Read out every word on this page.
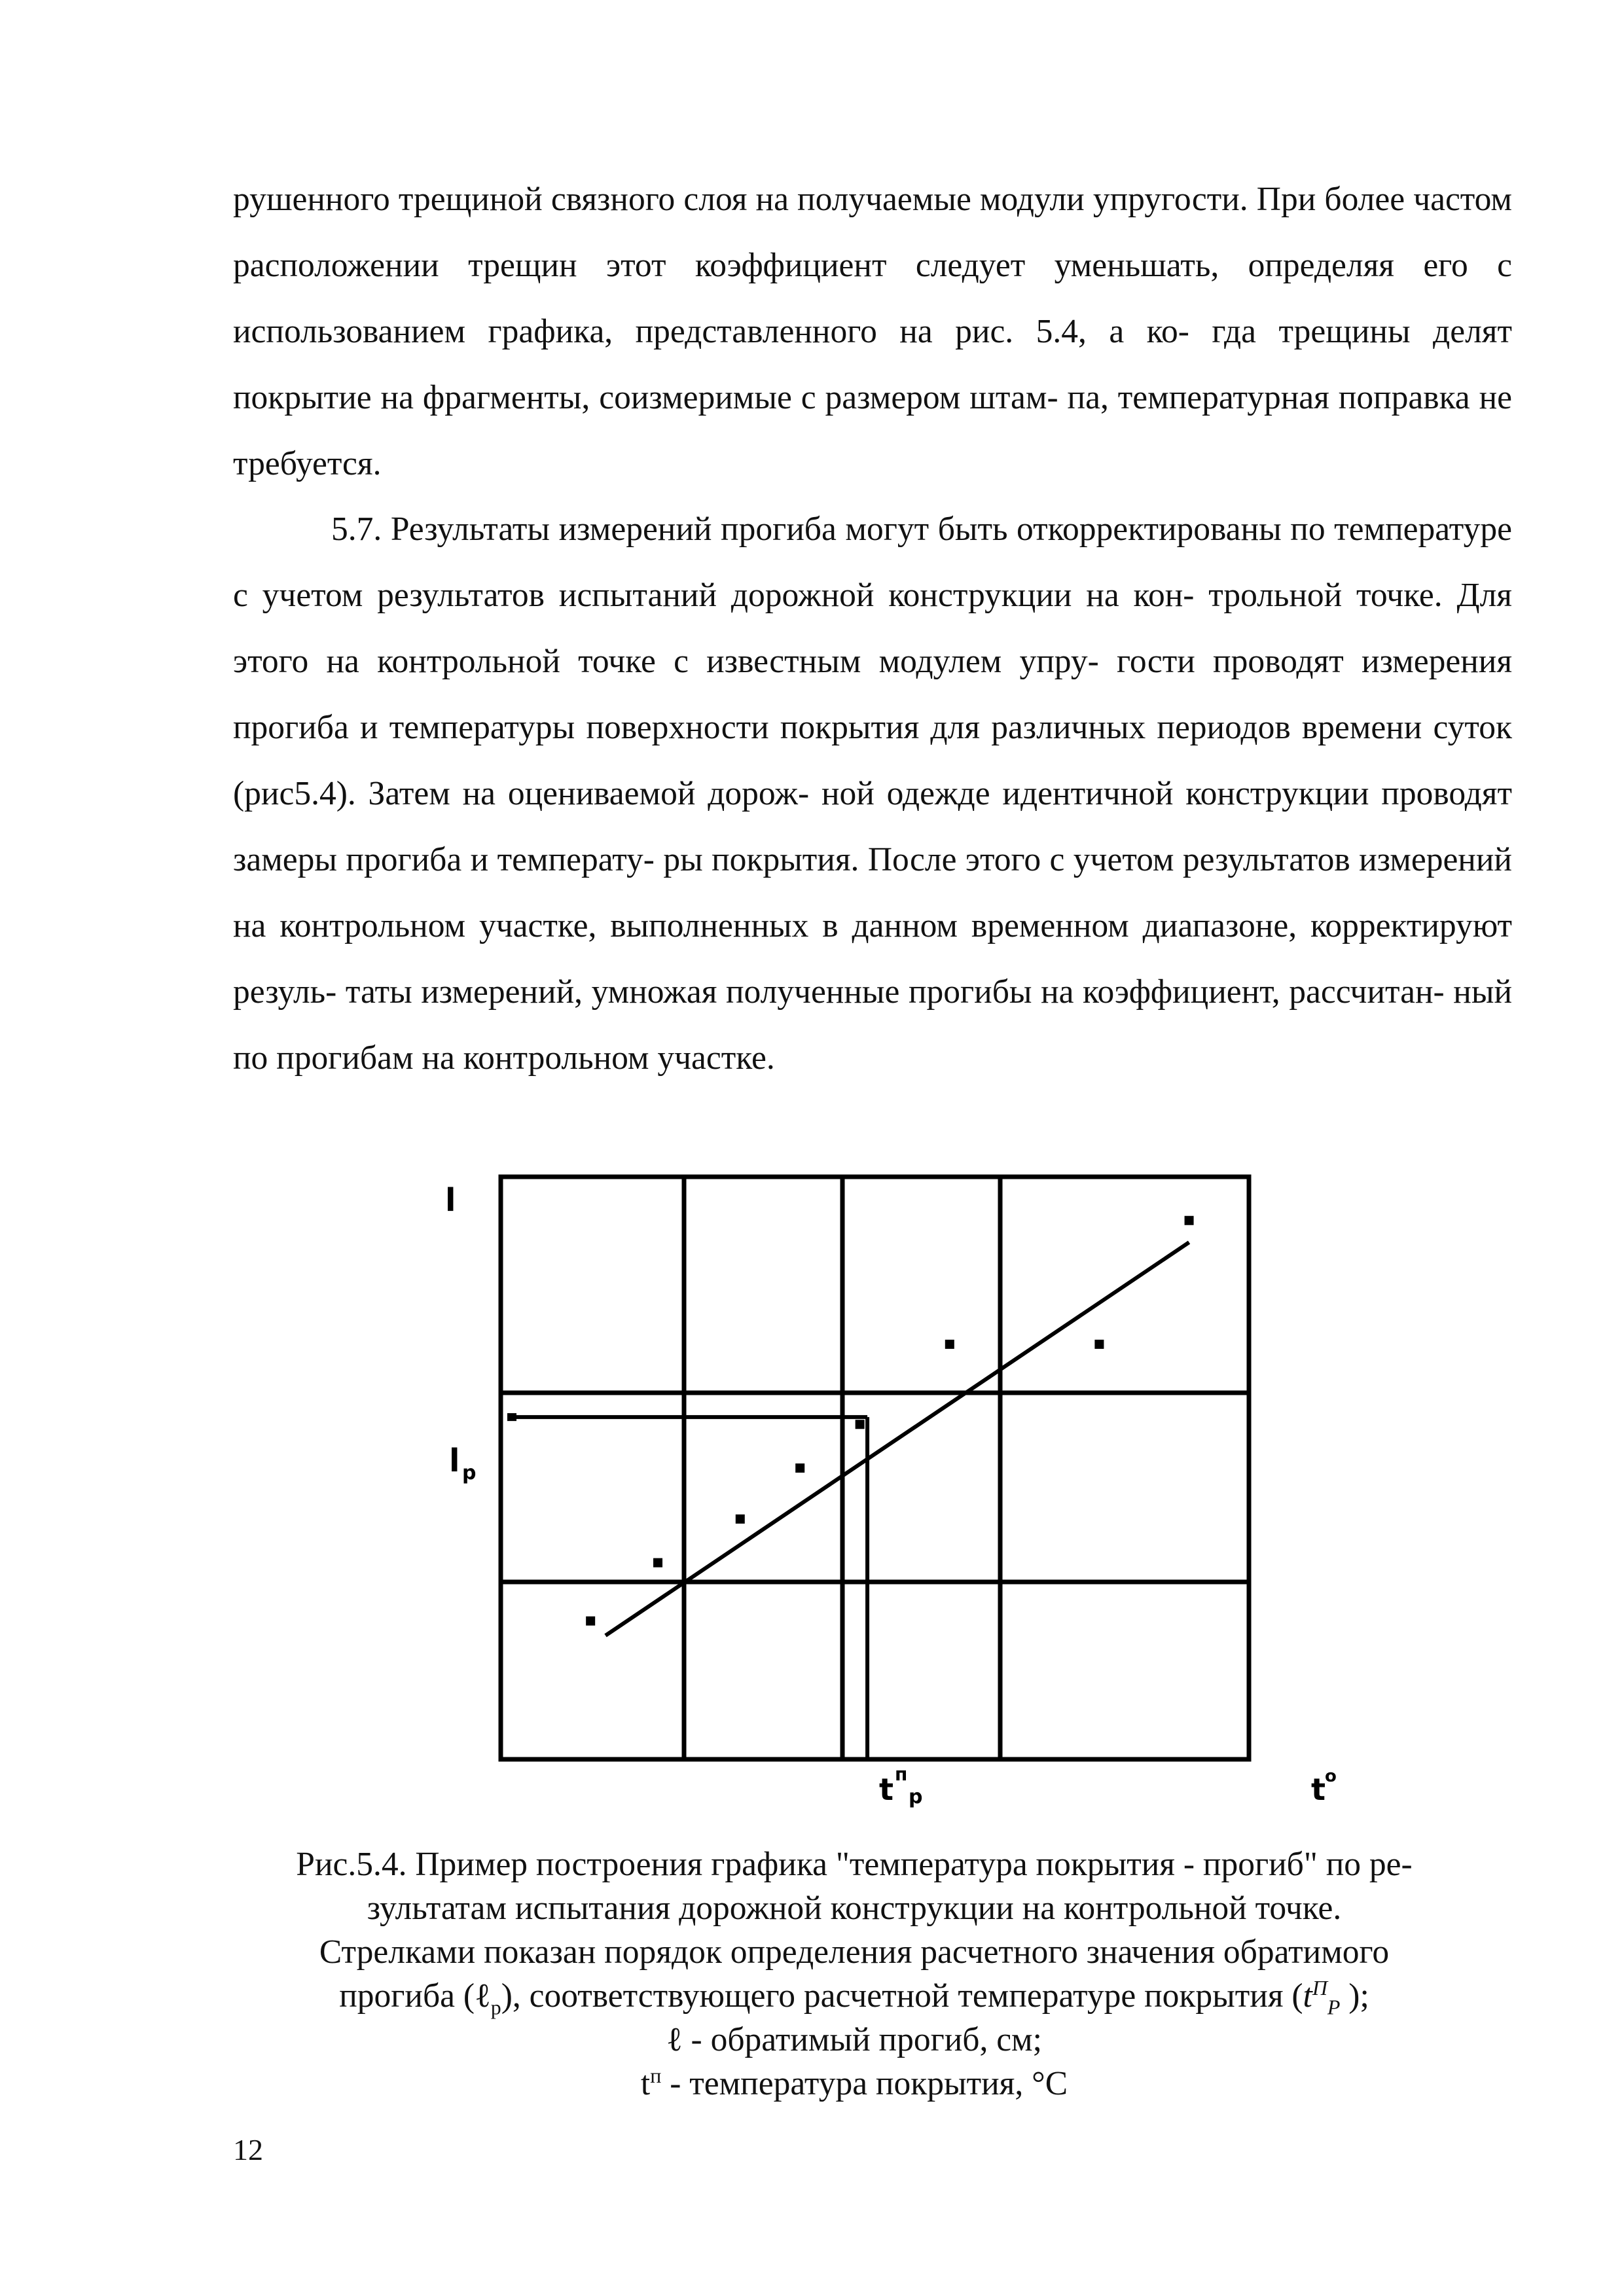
рушенного трещиной связного слоя на получаемые модули упругости. При более частом расположении трещин этот коэффициент следует уменьшать, определяя его с использованием графика, представленного на рис. 5.4, а ко- гда трещины делят покрытие на фрагменты, соизмеримые с размером штам- па, температурная поправка не требуется.

5.7. Результаты измерений прогиба могут быть откорректированы по температуре с учетом результатов испытаний дорожной конструкции на кон- трольной точке. Для этого на контрольной точке с известным модулем упру- гости проводят измерения прогиба и температуры поверхности покрытия для различных периодов времени суток (рис5.4). Затем на оцениваемой дорож- ной одежде идентичной конструкции проводят замеры прогиба и температу- ры покрытия. После этого с учетом результатов измерений на контрольном участке, выполненных в данном временном диапазоне, корректируют резуль- таты измерений, умножая полученные прогибы на коэффициент, рассчитан- ный по прогибам на контрольном участке.

l
l p
t п
p	t o
Рис.5.4. Пример построения графика "температура покрытия - прогиб" по ре-
зультатам испытания дорожной конструкции на контрольной точке.
Стрелками показан порядок определения расчетного значения обратимого
прогиба (ℓ$_р$), соответствующего расчетной температуре покрытия ($t^П_P$ );
ℓ - обратимый прогиб, см;
$t^п$ - температура покрытия, °С
12
